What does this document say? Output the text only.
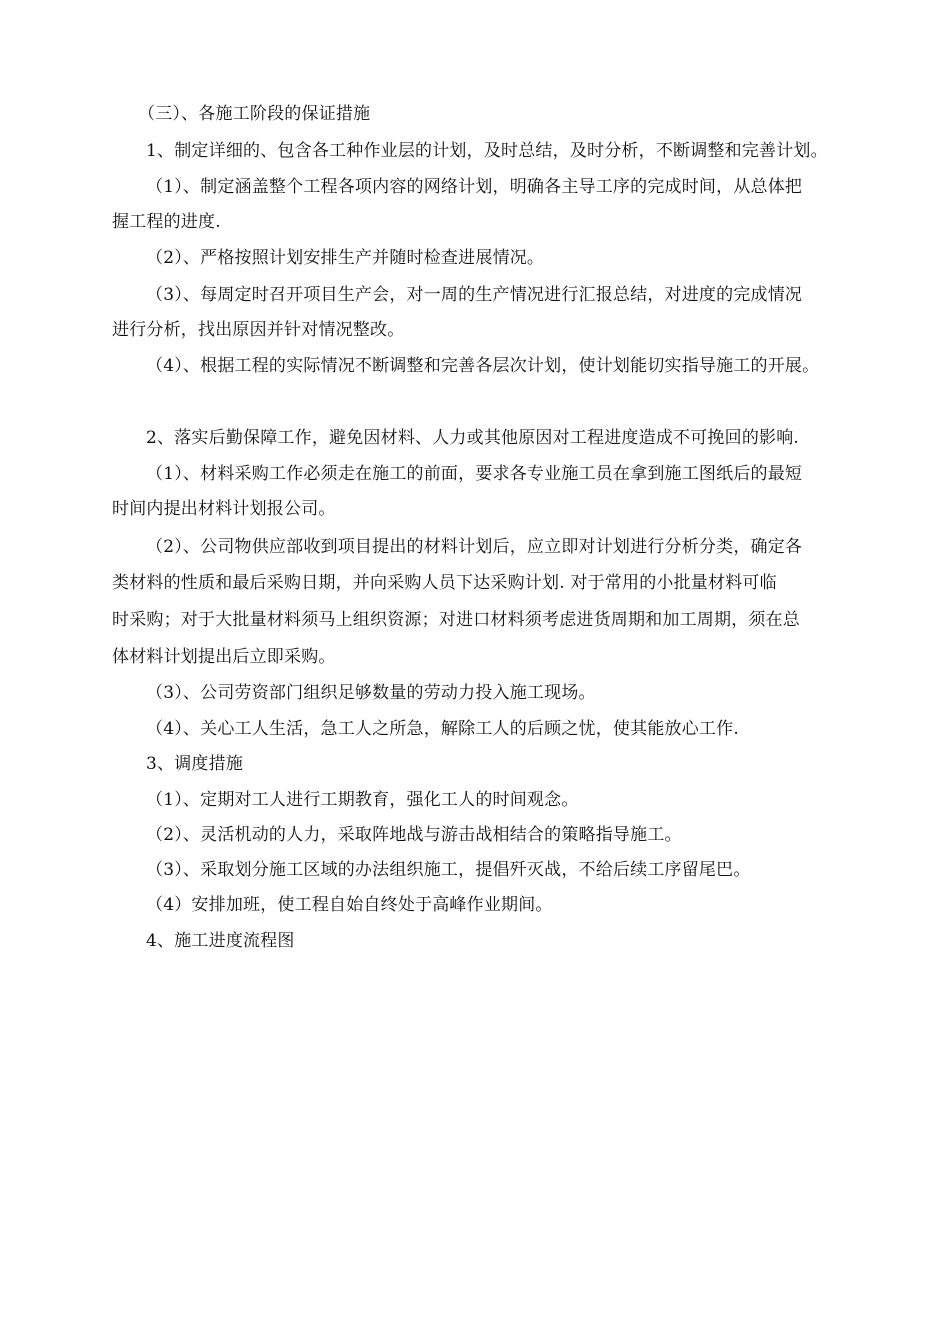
（三）、各施工阶段的保证措施
1、制定详细的、包含各工种作业层的计划，及时总结，及时分析，不断调整和完善计划。
（1）、制定涵盖整个工程各项内容的网络计划，明确各主导工序的完成时间，从总体把
握工程的进度.
（2）、严格按照计划安排生产并随时检查进展情况。
（3）、每周定时召开项目生产会，对一周的生产情况进行汇报总结，对进度的完成情况
进行分析，找出原因并针对情况整改。
（4）、根据工程的实际情况不断调整和完善各层次计划，使计划能切实指导施工的开展。
2、落实后勤保障工作，避免因材料、人力或其他原因对工程进度造成不可挽回的影响.
（1）、材料采购工作必须走在施工的前面，要求各专业施工员在拿到施工图纸后的最短
时间内提出材料计划报公司。
（2）、公司物供应部收到项目提出的材料计划后，应立即对计划进行分析分类，确定各
类材料的性质和最后采购日期，并向采购人员下达采购计划. 对于常用的小批量材料可临
时采购；对于大批量材料须马上组织资源；对进口材料须考虑进货周期和加工周期，须在总
体材料计划提出后立即采购。
（3）、公司劳资部门组织足够数量的劳动力投入施工现场。
（4）、关心工人生活，急工人之所急，解除工人的后顾之忧，使其能放心工作.
3、调度措施
（1）、定期对工人进行工期教育，强化工人的时间观念。
（2）、灵活机动的人力，采取阵地战与游击战相结合的策略指导施工。
（3）、采取划分施工区域的办法组织施工，提倡歼灭战，不给后续工序留尾巴。
（4）安排加班，使工程自始自终处于高峰作业期间。
4、施工进度流程图
